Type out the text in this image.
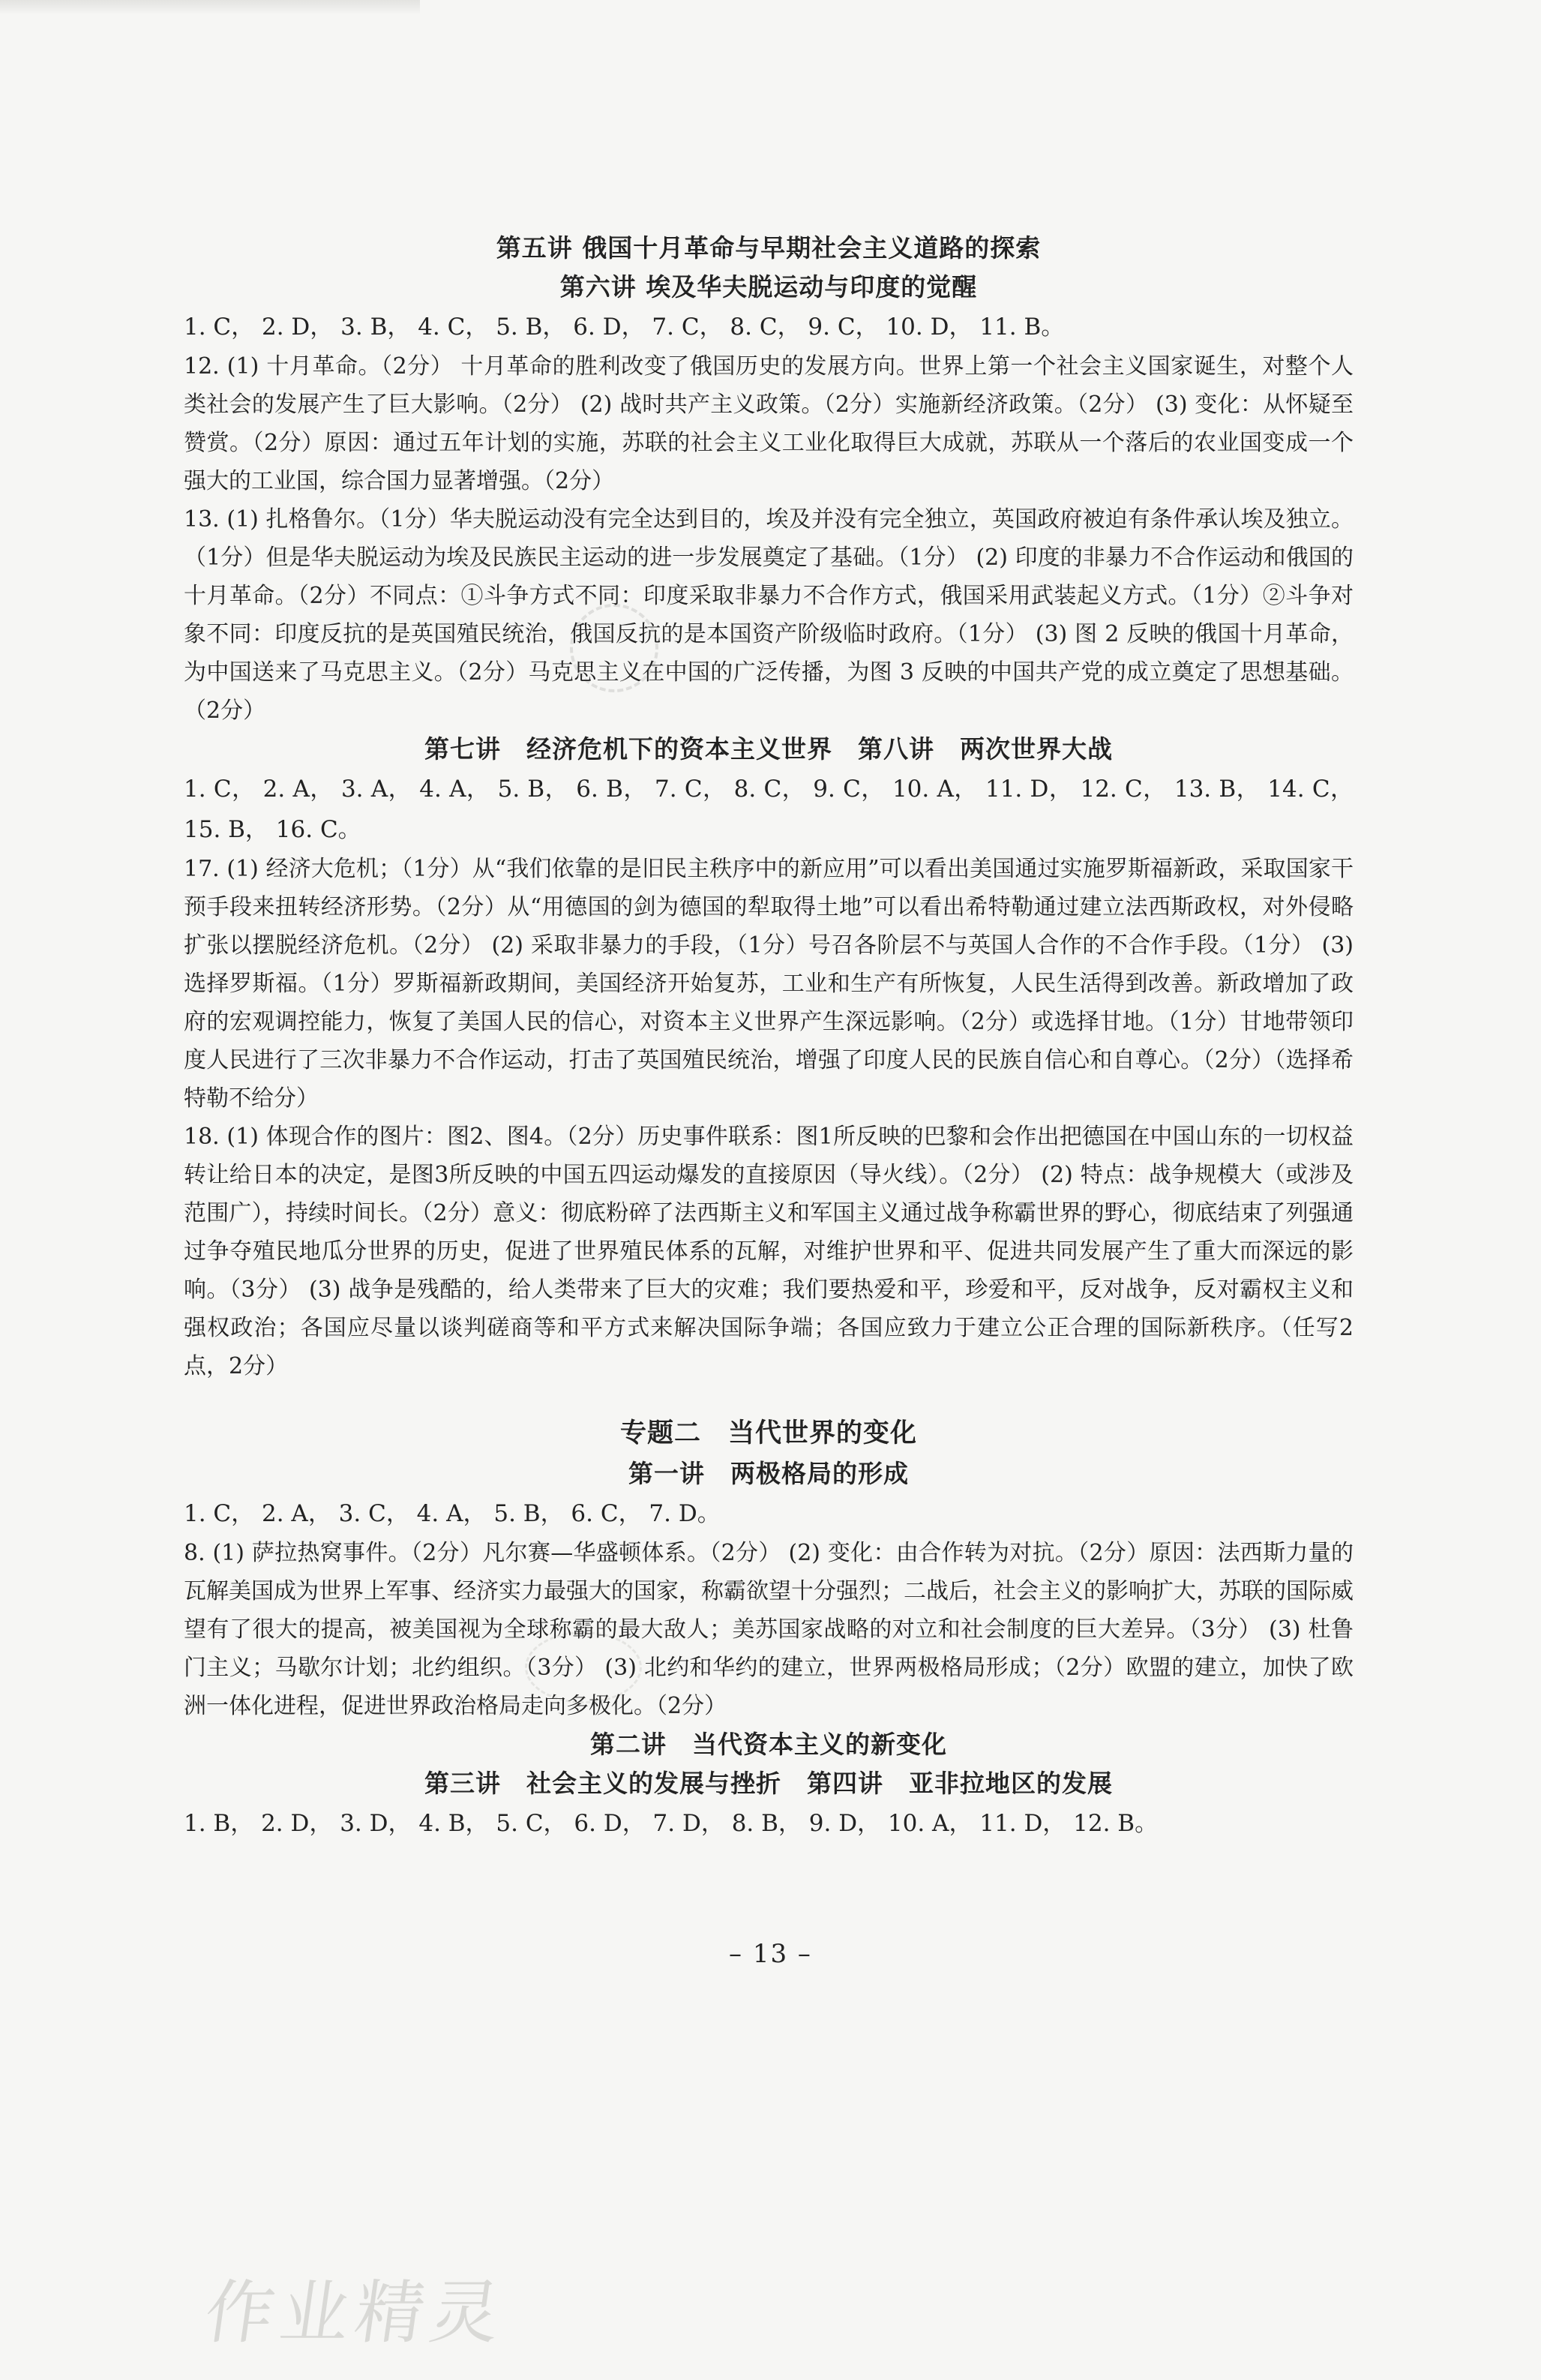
第五讲 俄国十月革命与早期社会主义道路的探索
第六讲 埃及华夫脱运动与印度的觉醒
1. C， 2. D， 3. B， 4. C， 5. B， 6. D， 7. C， 8. C， 9. C， 10. D， 11. B。
12. (1) 十月革命。（2分） 十月革命的胜利改变了俄国历史的发展方向。世界上第一个社会主义国家诞生，对整个人类社会的发展产生了巨大影响。（2分） (2) 战时共产主义政策。（2分）实施新经济政策。（2分） (3) 变化：从怀疑至赞赏。（2分）原因：通过五年计划的实施，苏联的社会主义工业化取得巨大成就，苏联从一个落后的农业国变成一个强大的工业国，综合国力显著增强。（2分）
13. (1) 扎格鲁尔。（1分）华夫脱运动没有完全达到目的，埃及并没有完全独立，英国政府被迫有条件承认埃及独立。（1分）但是华夫脱运动为埃及民族民主运动的进一步发展奠定了基础。（1分） (2) 印度的非暴力不合作运动和俄国的十月革命。（2分）不同点：①斗争方式不同：印度采取非暴力不合作方式，俄国采用武装起义方式。（1分）②斗争对象不同：印度反抗的是英国殖民统治，俄国反抗的是本国资产阶级临时政府。（1分） (3) 图 2 反映的俄国十月革命，为中国送来了马克思主义。（2分）马克思主义在中国的广泛传播，为图 3 反映的中国共产党的成立奠定了思想基础。（2分）
第七讲　经济危机下的资本主义世界　第八讲　两次世界大战
1. C， 2. A， 3. A， 4. A， 5. B， 6. B， 7. C， 8. C， 9. C， 10. A， 11. D， 12. C， 13. B， 14. C， 15. B， 16. C。
17. (1) 经济大危机；（1分）从“我们依靠的是旧民主秩序中的新应用”可以看出美国通过实施罗斯福新政，采取国家干预手段来扭转经济形势。（2分）从“用德国的剑为德国的犁取得土地”可以看出希特勒通过建立法西斯政权，对外侵略扩张以摆脱经济危机。（2分） (2) 采取非暴力的手段，（1分）号召各阶层不与英国人合作的不合作手段。（1分） (3) 选择罗斯福。（1分）罗斯福新政期间，美国经济开始复苏，工业和生产有所恢复，人民生活得到改善。新政增加了政府的宏观调控能力，恢复了美国人民的信心，对资本主义世界产生深远影响。（2分）或选择甘地。（1分）甘地带领印度人民进行了三次非暴力不合作运动，打击了英国殖民统治，增强了印度人民的民族自信心和自尊心。（2分）（选择希特勒不给分）
18. (1) 体现合作的图片：图2、图4。（2分）历史事件联系：图1所反映的巴黎和会作出把德国在中国山东的一切权益转让给日本的决定，是图3所反映的中国五四运动爆发的直接原因（导火线）。（2分） (2) 特点：战争规模大（或涉及范围广），持续时间长。（2分）意义：彻底粉碎了法西斯主义和军国主义通过战争称霸世界的野心，彻底结束了列强通过争夺殖民地瓜分世界的历史，促进了世界殖民体系的瓦解，对维护世界和平、促进共同发展产生了重大而深远的影响。（3分） (3) 战争是残酷的，给人类带来了巨大的灾难；我们要热爱和平，珍爱和平，反对战争，反对霸权主义和强权政治；各国应尽量以谈判磋商等和平方式来解决国际争端；各国应致力于建立公正合理的国际新秩序。（任写2点，2分）
专题二　当代世界的变化
第一讲　两极格局的形成
1. C， 2. A， 3. C， 4. A， 5. B， 6. C， 7. D。
8. (1) 萨拉热窝事件。（2分）凡尔赛—华盛顿体系。（2分） (2) 变化：由合作转为对抗。（2分）原因：法西斯力量的瓦解美国成为世界上军事、经济实力最强大的国家，称霸欲望十分强烈；二战后，社会主义的影响扩大，苏联的国际威望有了很大的提高，被美国视为全球称霸的最大敌人；美苏国家战略的对立和社会制度的巨大差异。（3分） (3) 杜鲁门主义；马歇尔计划；北约组织。（3分） (3) 北约和华约的建立，世界两极格局形成；（2分）欧盟的建立，加快了欧洲一体化进程，促进世界政治格局走向多极化。（2分）
第二讲　当代资本主义的新变化
第三讲　社会主义的发展与挫折　第四讲　亚非拉地区的发展
1. B， 2. D， 3. D， 4. B， 5. C， 6. D， 7. D， 8. B， 9. D， 10. A， 11. D， 12. B。
– 13 –
作业精灵
